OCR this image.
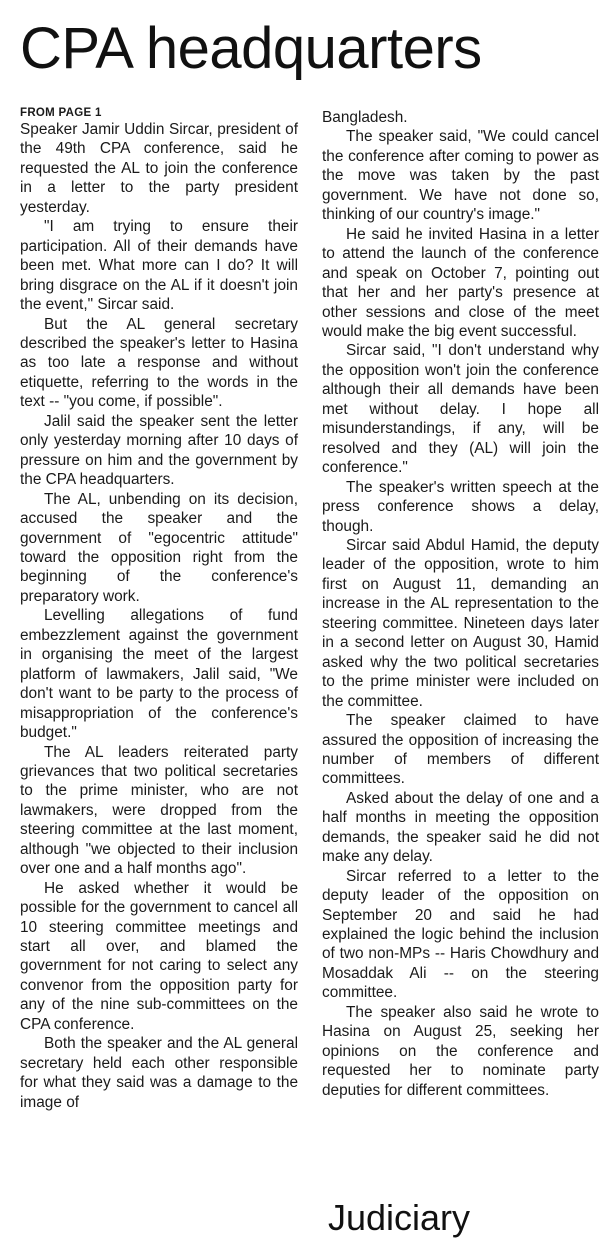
CPA headquarters
FROM PAGE 1

Speaker Jamir Uddin Sircar, president of the 49th CPA conference, said he requested the AL to join the conference in a letter to the party president yesterday.

"I am trying to ensure their participation. All of their demands have been met. What more can I do? It will bring disgrace on the AL if it doesn't join the event," Sircar said.

But the AL general secretary described the speaker's letter to Hasina as too late a response and without etiquette, referring to the words in the text -- "you come, if possible".

Jalil said the speaker sent the letter only yesterday morning after 10 days of pressure on him and the government by the CPA headquarters.

The AL, unbending on its decision, accused the speaker and the government of "egocentric attitude" toward the opposition right from the beginning of the conference's preparatory work.

Levelling allegations of fund embezzlement against the government in organising the meet of the largest platform of lawmakers, Jalil said, "We don't want to be party to the process of misappropriation of the conference's budget."

The AL leaders reiterated party grievances that two political secretaries to the prime minister, who are not lawmakers, were dropped from the steering committee at the last moment, although "we objected to their inclusion over one and a half months ago".

He asked whether it would be possible for the government to cancel all 10 steering committee meetings and start all over, and blamed the government for not caring to select any convenor from the opposition party for any of the nine sub-committees on the CPA conference.

Both the speaker and the AL general secretary held each other responsible for what they said was a damage to the image of

Bangladesh.

The speaker said, "We could cancel the conference after coming to power as the move was taken by the past government. We have not done so, thinking of our country's image."

He said he invited Hasina in a letter to attend the launch of the conference and speak on October 7, pointing out that her and her party's presence at other sessions and close of the meet would make the big event successful.

Sircar said, "I don't understand why the opposition won't join the conference although their all demands have been met without delay. I hope all misunderstandings, if any, will be resolved and they (AL) will join the conference."

The speaker's written speech at the press conference shows a delay, though.

Sircar said Abdul Hamid, the deputy leader of the opposition, wrote to him first on August 11, demanding an increase in the AL representation to the steering committee. Nineteen days later in a second letter on August 30, Hamid asked why the two political secretaries to the prime minister were included on the committee.

The speaker claimed to have assured the opposition of increasing the number of members of different committees.

Asked about the delay of one and a half months in meeting the opposition demands, the speaker said he did not make any delay.

Sircar referred to a letter to the deputy leader of the opposition on September 20 and said he had explained the logic behind the inclusion of two non-MPs -- Haris Chowdhury and Mosaddak Ali -- on the steering committee.

The speaker also said he wrote to Hasina on August 25, seeking her opinions on the conference and requested her to nominate party deputies for different committees.

Judiciary
